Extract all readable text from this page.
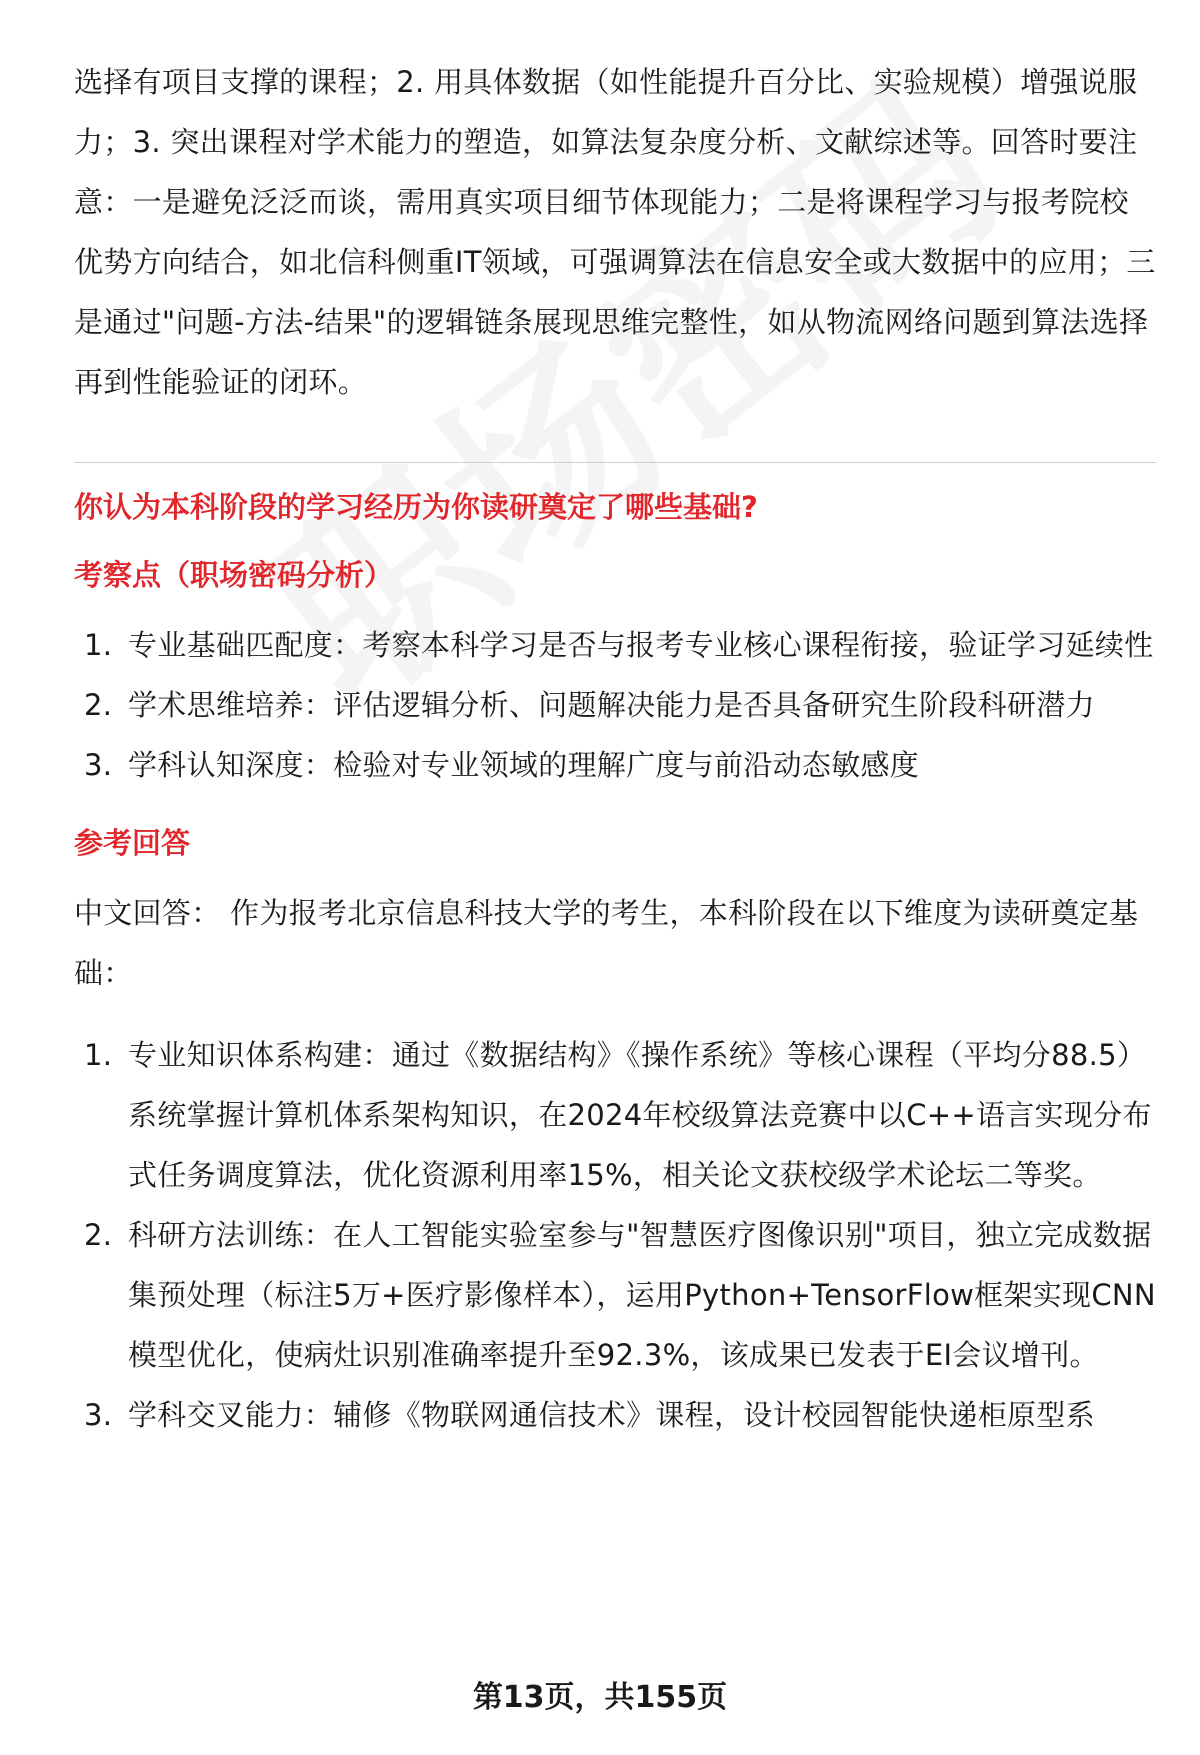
选择有项目支撑的课程；2. 用具体数据（如性能提升百分比、实验规模）增强说服力；3. 突出课程对学术能力的塑造，如算法复杂度分析、文献综述等。回答时要注意：一是避免泛泛而谈，需用真实项目细节体现能力；二是将课程学习与报考院校优势方向结合，如北信科侧重IT领域，可强调算法在信息安全或大数据中的应用；三是通过"问题-方法-结果"的逻辑链条展现思维完整性，如从物流网络问题到算法选择再到性能验证的闭环。

你认为本科阶段的学习经历为你读研奠定了哪些基础?

考察点（职场密码分析）

1. 专业基础匹配度：考察本科学习是否与报考专业核心课程衔接，验证学习延续性
2. 学术思维培养：评估逻辑分析、问题解决能力是否具备研究生阶段科研潜力
3. 学科认知深度：检验对专业领域的理解广度与前沿动态敏感度

参考回答

中文回答： 作为报考北京信息科技大学的考生，本科阶段在以下维度为读研奠定基础：

1. 专业知识体系构建：通过《数据结构》《操作系统》等核心课程（平均分88.5）系统掌握计算机体系架构知识，在2024年校级算法竞赛中以C++语言实现分布式任务调度算法，优化资源利用率15%，相关论文获校级学术论坛二等奖。
2. 科研方法训练：在人工智能实验室参与"智慧医疗图像识别"项目，独立完成数据集预处理（标注5万+医疗影像样本），运用Python+TensorFlow框架实现CNN模型优化，使病灶识别准确率提升至92.3%，该成果已发表于EI会议增刊。
3. 学科交叉能力：辅修《物联网通信技术》课程，设计校园智能快递柜原型系
第13页，共155页
